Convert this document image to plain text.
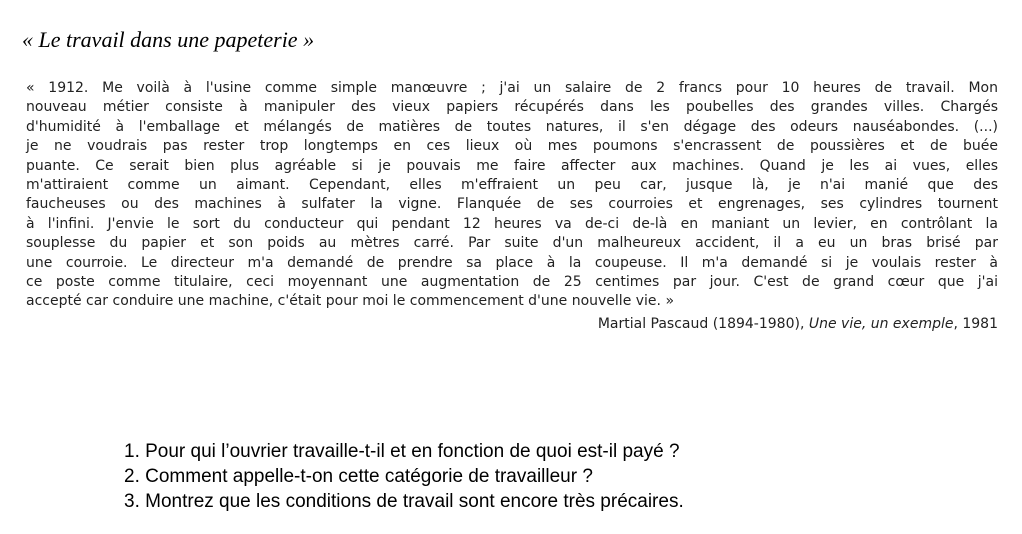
« Le travail dans une papeterie »
« 1912. Me voilà à l'usine comme simple manœuvre ; j'ai un salaire de 2 francs pour 10 heures de travail. Mon
nouveau métier consiste à manipuler des vieux papiers récupérés dans les poubelles des grandes villes. Chargés
d'humidité à l'emballage et mélangés de matières de toutes natures, il s'en dégage des odeurs nauséabondes. (...)
je ne voudrais pas rester trop longtemps en ces lieux où mes poumons s'encrassent de poussières et de buée
puante. Ce serait bien plus agréable si je pouvais me faire affecter aux machines. Quand je les ai vues, elles
m'attiraient comme un aimant. Cependant, elles m'effraient un peu car, jusque là, je n'ai manié que des
faucheuses ou des machines à sulfater la vigne. Flanquée de ses courroies et engrenages, ses cylindres tournent
à l'infini. J'envie le sort du conducteur qui pendant 12 heures va de-ci de-là en maniant un levier, en contrôlant la
souplesse du papier et son poids au mètres carré. Par suite d'un malheureux accident, il a eu un bras brisé par
une courroie. Le directeur m'a demandé de prendre sa place à la coupeuse. Il m'a demandé si je voulais rester à
ce poste comme titulaire, ceci moyennant une augmentation de 25 centimes par jour. C'est de grand cœur que j'ai
accepté car conduire une machine, c'était pour moi le commencement d'une nouvelle vie. »
Martial Pascaud (1894-1980), Une vie, un exemple, 1981
1. Pour qui l’ouvrier travaille-t-il et en fonction de quoi est-il payé ?
2. Comment appelle-t-on cette catégorie de travailleur ?
3. Montrez que les conditions de travail sont encore très précaires.
